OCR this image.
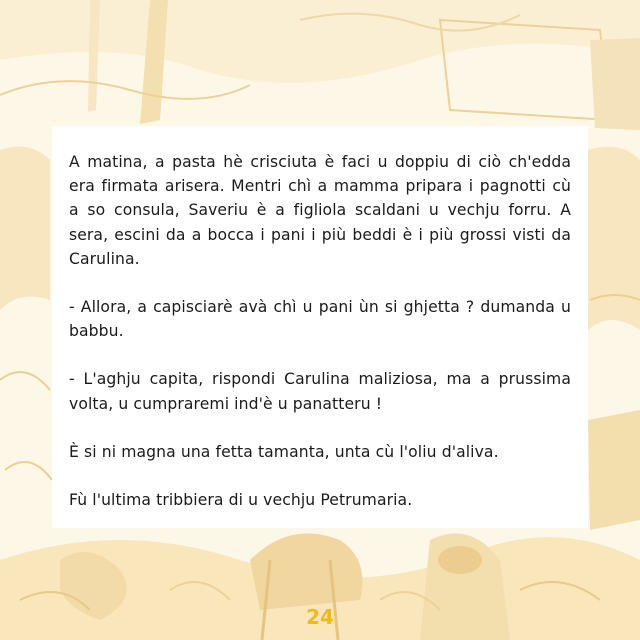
A matina, a pasta hè crisciuta è faci u doppiu di ciò ch'edda era firmata arisera. Mentri chì a mamma pripara i pagnotti cù a so consula, Saveriu è a figliola scaldani u vechju forru. A sera, escini da a bocca i pani i più beddi è i più grossi visti da Carulina.

- Allora, a capisciarè avà chì u pani ùn si ghjetta ? dumanda u babbu.

- L'aghju capita, rispondi Carulina maliziosa, ma a prussima volta, u cumpraremi ind'è u panatteru !

È si ni magna una fetta tamanta, unta cù l'oliu d'aliva.

Fù l'ultima tribbiera di u vechju Petrumaria.

24
